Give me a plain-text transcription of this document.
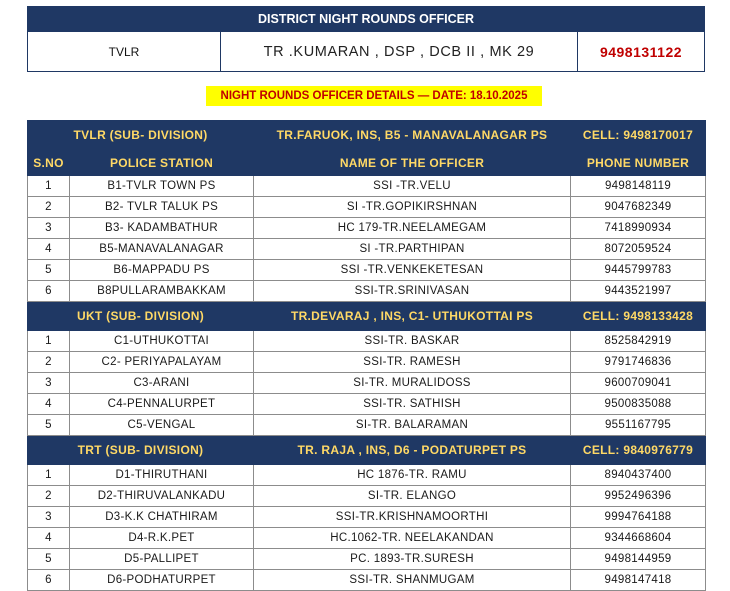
DISTRICT NIGHT ROUNDS OFFICER
TVLR	TR .KUMARAN , DSP , DCB II , MK 29	9498131122
NIGHT ROUNDS OFFICER DETAILS — DATE: 18.10.2025
TVLR (SUB- DIVISION)		TR.FARUOK, INS, B5 - MANAVALANAGAR PS	CELL: 9498170017
S.NO	POLICE STATION	NAME OF THE OFFICER	PHONE NUMBER
1	B1-TVLR TOWN PS	SSI -TR.VELU	9498148119
2	B2- TVLR TALUK PS	SI -TR.GOPIKIRSHNAN	9047682349
3	B3- KADAMBATHUR	HC 179-TR.NEELAMEGAM	7418990934
4	B5-MANAVALANAGAR	SI -TR.PARTHIPAN	8072059524
5	B6-MAPPADU PS	SSI -TR.VENKEKETESAN	9445799783
6	B8PULLARAMBAKKAM	SSI-TR.SRINIVASAN	9443521997
UKT (SUB- DIVISION)		TR.DEVARAJ , INS, C1- UTHUKOTTAI PS	CELL: 9498133428
1	C1-UTHUKOTTAI	SSI-TR. BASKAR	8525842919
2	C2- PERIYAPALAYAM	SSI-TR. RAMESH	9791746836
3	C3-ARANI	SI-TR. MURALIDOSS	9600709041
4	C4-PENNALURPET	SSI-TR. SATHISH	9500835088
5	C5-VENGAL	SI-TR. BALARAMAN	9551167795
TRT (SUB- DIVISION)		TR. RAJA , INS, D6 - PODATURPET PS	CELL: 9840976779
1	D1-THIRUTHANI	HC 1876-TR. RAMU	8940437400
2	D2-THIRUVALANKADU	SI-TR. ELANGO	9952496396
3	D3-K.K CHATHIRAM	SSI-TR.KRISHNAMOORTHI	9994764188
4	D4-R.K.PET	HC.1062-TR. NEELAKANDAN	9344668604
5	D5-PALLIPET	PC. 1893-TR.SURESH	9498144959
6	D6-PODHATURPET	SSI-TR. SHANMUGAM	9498147418
